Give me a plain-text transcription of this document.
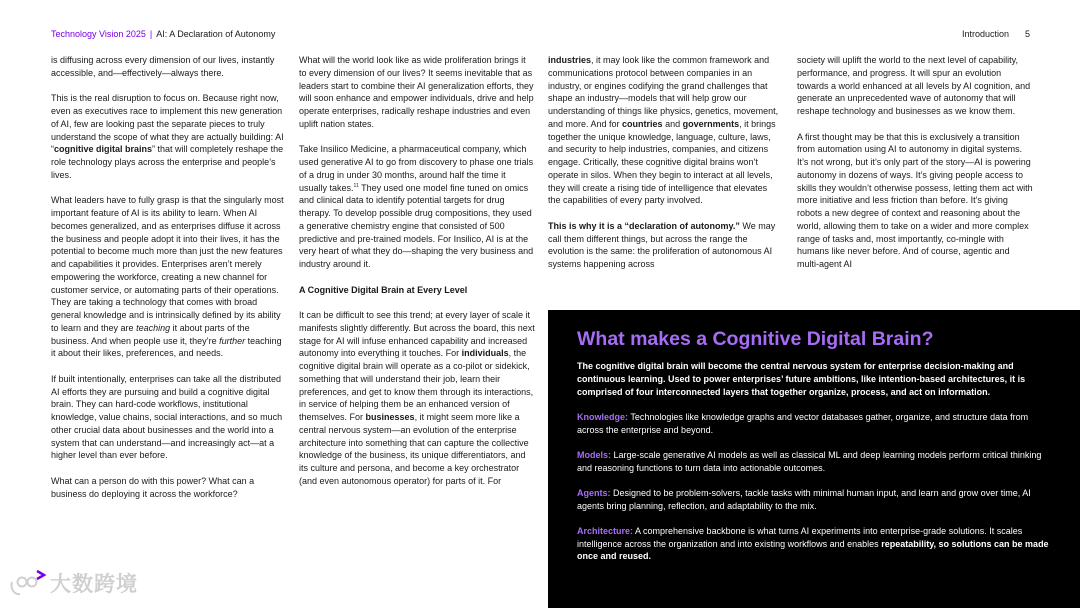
Technology Vision 2025 | AI: A Declaration of Autonomy	Introduction 5

is diffusing across every dimension of our lives, instantly accessible, and—effectively—always there.

This is the real disruption to focus on. Because right now, even as executives race to implement this new generation of AI, few are looking past the separate pieces to truly understand the scope of what they are actually building: AI “cognitive digital brains” that will completely reshape the role technology plays across the enterprise and people’s lives.

What leaders have to fully grasp is that the singularly most important feature of AI is its ability to learn. When AI becomes generalized, and as enterprises diffuse it across the business and people adopt it into their lives, it has the potential to become much more than just the new features and capabilities it provides. Enterprises aren’t merely empowering the workforce, creating a new channel for customer service, or automating parts of their operations. They are taking a technology that comes with broad general knowledge and is intrinsically defined by its ability to learn and they are teaching it about parts of the business. And when people use it, they’re further teaching it about their likes, preferences, and needs.

If built intentionally, enterprises can take all the distributed AI efforts they are pursuing and build a cognitive digital brain. They can hard-code workflows, institutional knowledge, value chains, social interactions, and so much other crucial data about businesses and the world into a system that can understand—and increasingly act—at a higher level than ever before.

What can a person do with this power? What can a business do deploying it across the workforce?

What will the world look like as wide proliferation brings it to every dimension of our lives? It seems inevitable that as leaders start to combine their AI generalization efforts, they will soon enhance and empower individuals, drive and help operate enterprises, radically reshape industries and even uplift nation states.

Take Insilico Medicine, a pharmaceutical company, which used generative AI to go from discovery to phase one trials of a drug in under 30 months, around half the time it usually takes.$^{11}$ They used one model fine tuned on omics and clinical data to identify potential targets for drug therapy. To develop possible drug compositions, they used a generative chemistry engine that consisted of 500 predictive and pre-trained models. For Insilico, AI is at the very heart of what they do—shaping the very business and industry around it.

A Cognitive Digital Brain at Every Level

It can be difficult to see this trend; at every layer of scale it manifests slightly differently. But across the board, this next stage for AI will infuse enhanced capability and increased autonomy into everything it touches. For individuals, the cognitive digital brain will operate as a co-pilot or sidekick, something that will understand their job, learn their preferences, and get to know them through its interactions, in service of helping them be an enhanced version of themselves. For businesses, it might seem more like a central nervous system—an evolution of the enterprise architecture into something that can capture the collective knowledge of the business, its unique differentiators, and its culture and persona, and become a key orchestrator (and even autonomous operator) for parts of it. For

industries, it may look like the common framework and communications protocol between companies in an industry, or engines codifying the grand challenges that shape an industry—models that will help grow our understanding of things like physics, genetics, movement, and more. And for countries and governments, it brings together the unique knowledge, language, culture, laws, and security to help industries, companies, and citizens engage. Critically, these cognitive digital brains won’t operate in silos. When they begin to interact at all levels, they will create a rising tide of intelligence that elevates the capabilities of every party involved.

This is why it is a “declaration of autonomy.” We may call them different things, but across the range the evolution is the same: the proliferation of autonomous AI systems happening across

society will uplift the world to the next level of capability, performance, and progress. It will spur an evolution towards a world enhanced at all levels by AI cognition, and generate an unprecedented wave of autonomy that will reshape technology and businesses as we know them.

A first thought may be that this is exclusively a transition from automation using AI to autonomy in digital systems. It’s not wrong, but it’s only part of the story—AI is powering autonomy in dozens of ways. It’s giving people access to skills they wouldn’t otherwise possess, letting them act with more initiative and less friction than before. It’s giving robots a new degree of context and reasoning about the world, allowing them to take on a wider and more complex range of tasks and, most importantly, co-mingle with humans like never before. And of course, agentic and multi-agent AI

What makes a Cognitive Digital Brain?

The cognitive digital brain will become the central nervous system for enterprise decision-making and continuous learning. Used to power enterprises’ future ambitions, like intention-based architectures, it is comprised of four interconnected layers that together organize, process, and act on information.

Knowledge: Technologies like knowledge graphs and vector databases gather, organize, and structure data from across the enterprise and beyond.

Models: Large-scale generative AI models as well as classical ML and deep learning models perform critical thinking and reasoning functions to turn data into actionable outcomes.

Agents: Designed to be problem-solvers, tackle tasks with minimal human input, and learn and grow over time, AI agents bring planning, reflection, and adaptability to the mix.

Architecture: A comprehensive backbone is what turns AI experiments into enterprise-grade solutions. It scales intelligence across the organization and into existing workflows and enables repeatability, so solutions can be made once and reused.

大数跨境
